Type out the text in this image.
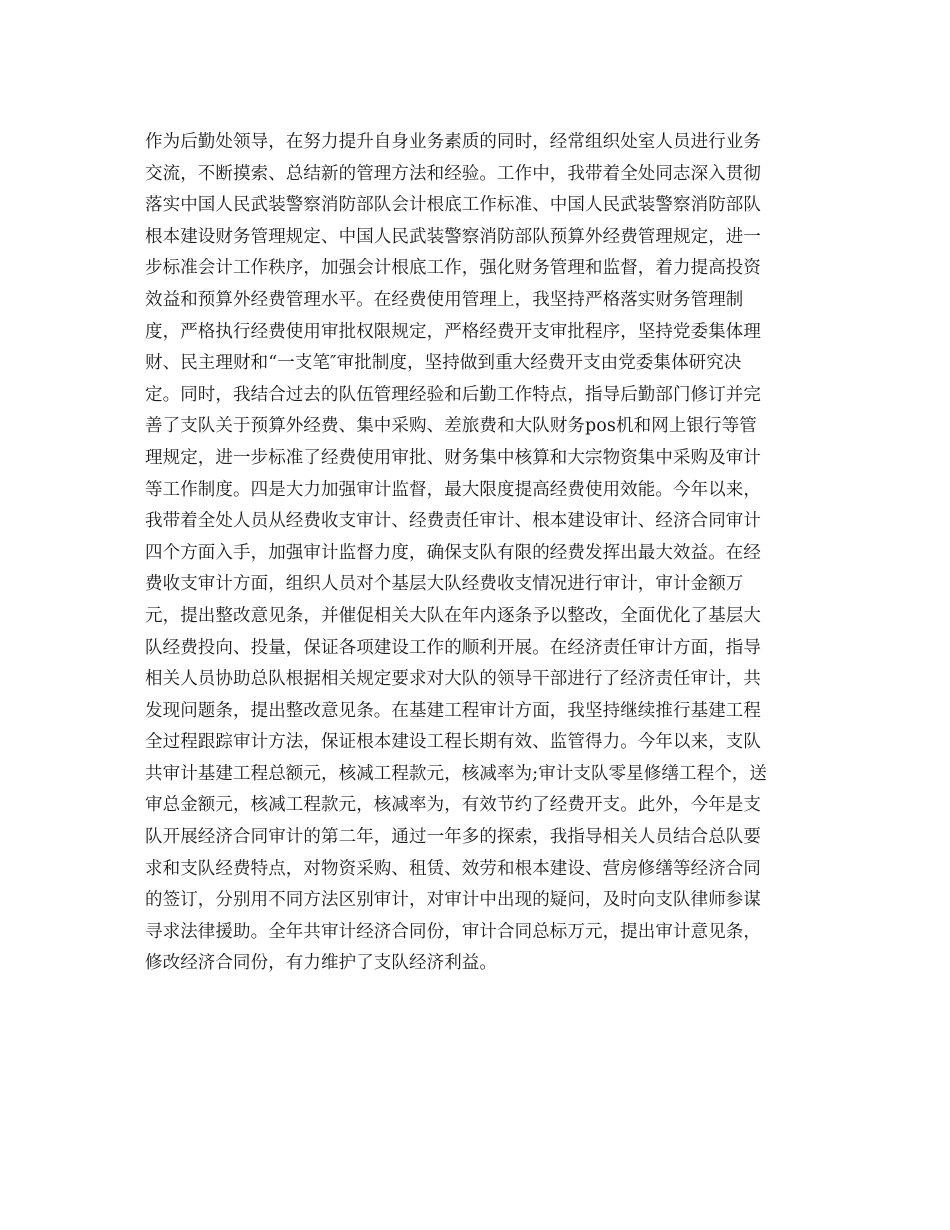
作为后勤处领导，在努力提升自身业务素质的同时，经常组织处室人员进行业务
交流，不断摸索、总结新的管理方法和经验。工作中，我带着全处同志深入贯彻
落实中国人民武装警察消防部队会计根底工作标准、中国人民武装警察消防部队
根本建设财务管理规定、中国人民武装警察消防部队预算外经费管理规定，进一
步标准会计工作秩序，加强会计根底工作，强化财务管理和监督，着力提高投资
效益和预算外经费管理水平。在经费使用管理上，我坚持严格落实财务管理制
度，严格执行经费使用审批权限规定，严格经费开支审批程序，坚持党委集体理
财、民主理财和“一支笔″审批制度，坚持做到重大经费开支由党委集体研究决
定。同时，我结合过去的队伍管理经验和后勤工作特点，指导后勤部门修订并完
善了支队关于预算外经费、集中采购、差旅费和大队财务pos机和网上银行等管
理规定，进一步标准了经费使用审批、财务集中核算和大宗物资集中采购及审计
等工作制度。四是大力加强审计监督，最大限度提高经费使用效能。今年以来，
我带着全处人员从经费收支审计、经费责任审计、根本建设审计、经济合同审计
四个方面入手，加强审计监督力度，确保支队有限的经费发挥出最大效益。在经
费收支审计方面，组织人员对个基层大队经费收支情况进行审计，审计金额万
元，提出整改意见条，并催促相关大队在年内逐条予以整改，全面优化了基层大
队经费投向、投量，保证各项建设工作的顺利开展。在经济责任审计方面，指导
相关人员协助总队根据相关规定要求对大队的领导干部进行了经济责任审计，共
发现问题条，提出整改意见条。在基建工程审计方面，我坚持继续推行基建工程
全过程跟踪审计方法，保证根本建设工程长期有效、监管得力。今年以来，支队
共审计基建工程总额元，核减工程款元，核减率为;审计支队零星修缮工程个，送
审总金额元，核减工程款元，核减率为，有效节约了经费开支。此外，今年是支
队开展经济合同审计的第二年，通过一年多的探索，我指导相关人员结合总队要
求和支队经费特点，对物资采购、租赁、效劳和根本建设、营房修缮等经济合同
的签订，分别用不同方法区别审计，对审计中出现的疑问，及时向支队律师参谋
寻求法律援助。全年共审计经济合同份，审计合同总标万元，提出审计意见条，
修改经济合同份，有力维护了支队经济利益。
